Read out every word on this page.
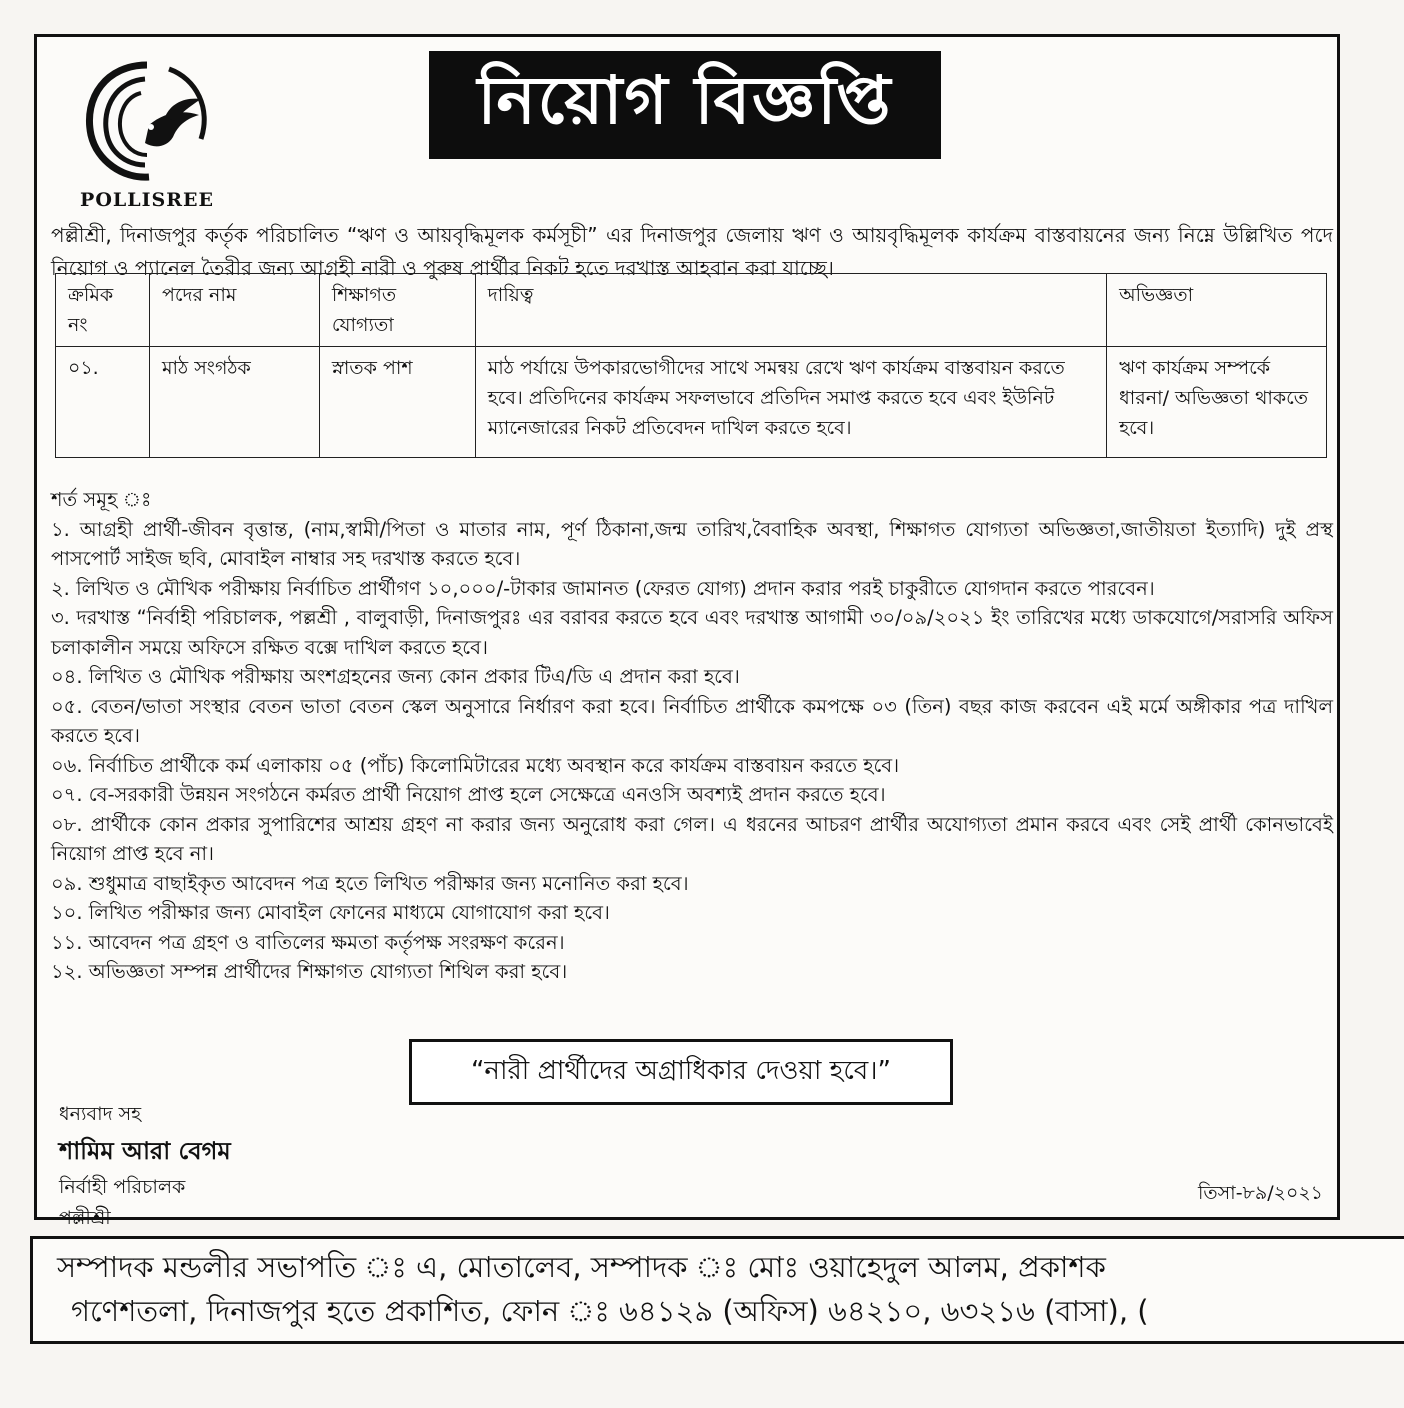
POLLISREE
নিয়োগ বিজ্ঞপ্তি

পল্লীশ্রী, দিনাজপুর কর্তৃক পরিচালিত “ঋণ ও আয়বৃদ্ধিমূলক কর্মসূচী” এর দিনাজপুর জেলায় ঋণ ও আয়বৃদ্ধিমূলক কার্যক্রম বাস্তবায়নের জন্য নিম্নে উল্লিখিত পদে নিয়োগ ও প্যানেল তৈরীর জন্য আগ্রহী নারী ও পুরুষ প্রার্থীর নিকট হতে দরখাস্ত আহবান করা যাচ্ছে।

ক্রমিক নং	পদের নাম	শিক্ষাগত যোগ্যতা	দায়িত্ব	অভিজ্ঞতা
০১.	মাঠ সংগঠক	স্নাতক পাশ	মাঠ পর্যায়ে উপকারভোগীদের সাথে সমন্বয় রেখে ঋণ কার্যক্রম বাস্তবায়ন করতে হবে। প্রতিদিনের কার্যক্রম সফলভাবে প্রতিদিন সমাপ্ত করতে হবে এবং ইউনিট ম্যানেজারের নিকট প্রতিবেদন দাখিল করতে হবে।	ঋণ কার্যক্রম সম্পর্কে ধারনা/ অভিজ্ঞতা থাকতে হবে।

শর্ত সমূহ ঃ

১. আগ্রহী প্রার্থী-জীবন বৃত্তান্ত, (নাম,স্বামী/পিতা ও মাতার নাম, পূর্ণ ঠিকানা,জন্ম তারিখ,বৈবাহিক অবস্থা, শিক্ষাগত যোগ্যতা অভিজ্ঞতা,জাতীয়তা ইত্যাদি) দুই প্রস্থ পাসপোর্ট সাইজ ছবি, মোবাইল নাম্বার সহ দরখাস্ত করতে হবে।

২. লিখিত ও মৌখিক পরীক্ষায় নির্বাচিত প্রার্থীগণ ১০,০০০/-টাকার জামানত (ফেরত যোগ্য) প্রদান করার পরই চাকুরীতে যোগদান করতে পারবেন।

৩. দরখাস্ত “নির্বাহী পরিচালক, পল্লশ্রী , বালুবাড়ী, দিনাজপুরঃ এর বরাবর করতে হবে এবং দরখাস্ত আগামী ৩০/০৯/২০২১ ইং তারিখের মধ্যে ডাকযোগে/সরাসরি অফিস চলাকালীন সময়ে অফিসে রক্ষিত বক্সে দাখিল করতে হবে।

০৪. লিখিত ও মৌখিক পরীক্ষায় অংশগ্রহনের জন্য কোন প্রকার টিএ/ডি এ প্রদান করা হবে।

০৫. বেতন/ভাতা সংস্থার বেতন ভাতা বেতন স্কেল অনুসারে নির্ধারণ করা হবে। নির্বাচিত প্রার্থীকে কমপক্ষে ০৩ (তিন) বছর কাজ করবেন এই মর্মে অঙ্গীকার পত্র দাখিল করতে হবে।

০৬. নির্বাচিত প্রার্থীকে কর্ম এলাকায় ০৫ (পাঁচ) কিলোমিটারের মধ্যে অবস্থান করে কার্যক্রম বাস্তবায়ন করতে হবে।

০৭. বে-সরকারী উন্নয়ন সংগঠনে কর্মরত প্রার্থী নিয়োগ প্রাপ্ত হলে সেক্ষেত্রে এনওসি অবশ্যই প্রদান করতে হবে।

০৮. প্রার্থীকে কোন প্রকার সুপারিশের আশ্রয় গ্রহণ না করার জন্য অনুরোধ করা গেল। এ ধরনের আচরণ প্রার্থীর অযোগ্যতা প্রমান করবে এবং সেই প্রার্থী কোনভাবেই নিয়োগ প্রাপ্ত হবে না।

০৯. শুধুমাত্র বাছাইকৃত আবেদন পত্র হতে লিখিত পরীক্ষার জন্য মনোনিত করা হবে।

১০. লিখিত পরীক্ষার জন্য মোবাইল ফোনের মাধ্যমে যোগাযোগ করা হবে।

১১. আবেদন পত্র গ্রহণ ও বাতিলের ক্ষমতা কর্তৃপক্ষ সংরক্ষণ করেন।

১২. অভিজ্ঞতা সম্পন্ন প্রার্থীদের শিক্ষাগত যোগ্যতা শিথিল করা হবে।

“নারী প্রার্থীদের অগ্রাধিকার দেওয়া হবে।”

ধন্যবাদ সহ

শামিম আরা বেগম

নির্বাহী পরিচালক

পল্লীশ্রী

তিসা-৮৯/২০২১

সম্পাদক মন্ডলীর সভাপতি ঃ এ, মোতালেব, সম্পাদক ঃ মোঃ ওয়াহেদুল আলম, প্রকাশক

গণেশতলা, দিনাজপুর হতে প্রকাশিত, ফোন ঃ ৬৪১২৯ (অফিস) ৬৪২১০, ৬৩২১৬ (বাসা), (
